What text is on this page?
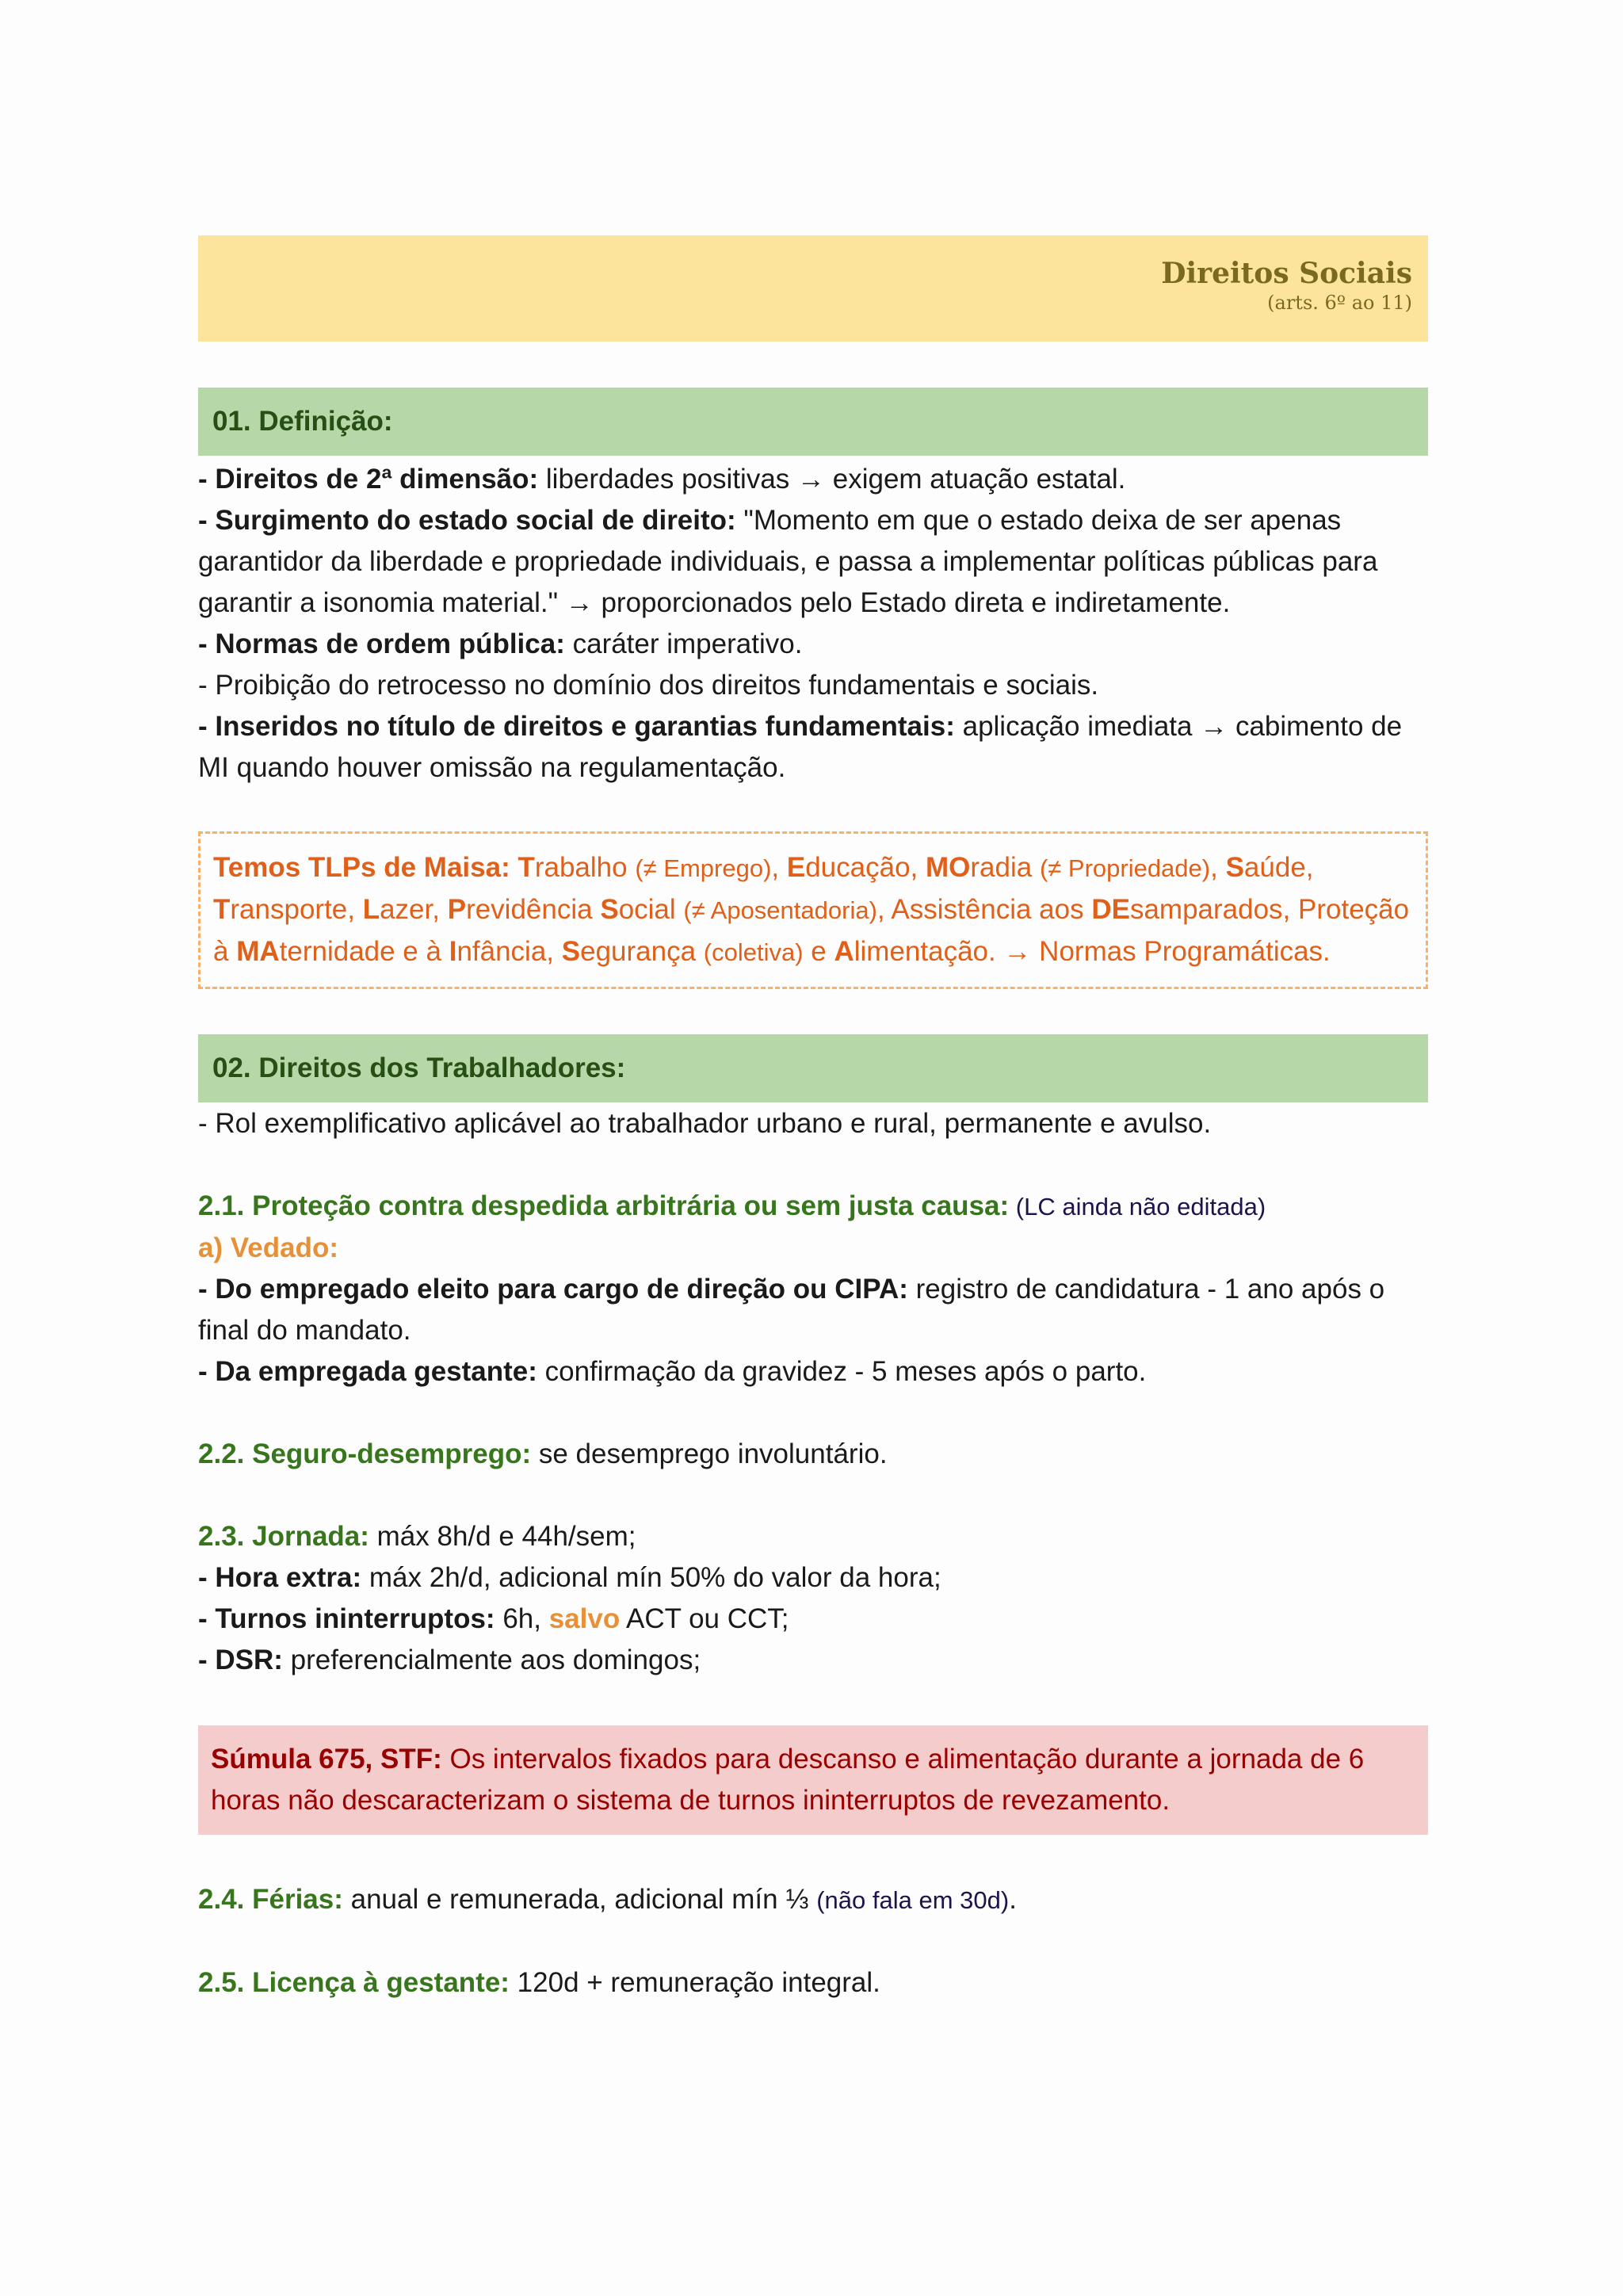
Direitos Sociais
(arts. 6º ao 11)
01. Definição:

- Direitos de 2ª dimensão: liberdades positivas → exigem atuação estatal.

- Surgimento do estado social de direito: "Momento em que o estado deixa de ser apenas garantidor da liberdade e propriedade individuais, e passa a implementar políticas públicas para garantir a isonomia material." → proporcionados pelo Estado direta e indiretamente.

- Normas de ordem pública: caráter imperativo.

- Proibição do retrocesso no domínio dos direitos fundamentais e sociais.

- Inseridos no título de direitos e garantias fundamentais: aplicação imediata → cabimento de MI quando houver omissão na regulamentação.

Temos TLPs de Maisa: Trabalho (≠ Emprego), Educação, MOradia (≠ Propriedade), Saúde, Transporte, Lazer, Previdência Social (≠ Aposentadoria), Assistência aos DEsamparados, Proteção à MAternidade e à Infância, Segurança (coletiva) e Alimentação. → Normas Programáticas.

02. Direitos dos Trabalhadores:

- Rol exemplificativo aplicável ao trabalhador urbano e rural, permanente e avulso.

2.1. Proteção contra despedida arbitrária ou sem justa causa: (LC ainda não editada)

a) Vedado:

- Do empregado eleito para cargo de direção ou CIPA: registro de candidatura - 1 ano após o final do mandato.

- Da empregada gestante: confirmação da gravidez - 5 meses após o parto.

2.2. Seguro-desemprego: se desemprego involuntário.

2.3. Jornada: máx 8h/d e 44h/sem;

- Hora extra: máx 2h/d, adicional mín 50% do valor da hora;

- Turnos ininterruptos: 6h, salvo ACT ou CCT;

- DSR: preferencialmente aos domingos;

Súmula 675, STF: Os intervalos fixados para descanso e alimentação durante a jornada de 6 horas não descaracterizam o sistema de turnos ininterruptos de revezamento.

2.4. Férias: anual e remunerada, adicional mín ⅓ (não fala em 30d).

2.5. Licença à gestante: 120d + remuneração integral.
